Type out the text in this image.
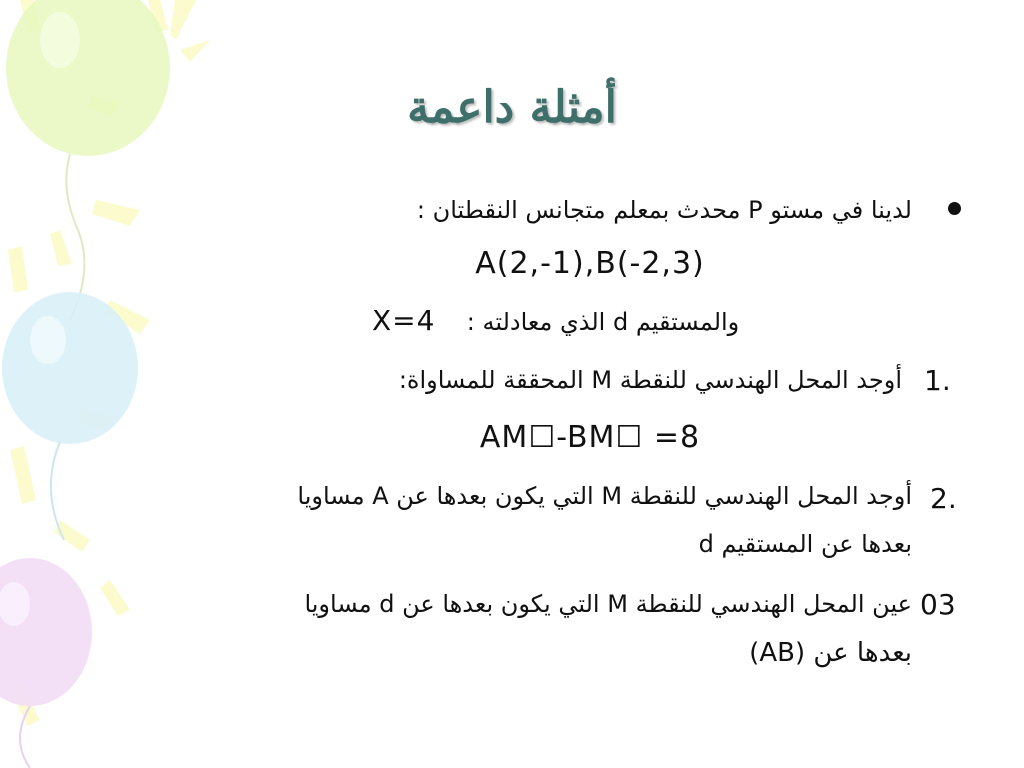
أمثلة داعمة
لدينا في مستو P محدث بمعلم متجانس النقطتان :
A(2,-1),B(-2,3)
X=4 والمستقيم d الذي معادلته :
1.
أوجد المحل الهندسي للنقطة M المحققة للمساواة:
AM☐-BM☐ =8
.2
أوجد المحل الهندسي للنقطة M التي يكون بعدها عن A مساويا
بعدها عن المستقيم d
03
عين المحل الهندسي للنقطة M التي يكون بعدها عن d مساويا
بعدها عن (AB)
